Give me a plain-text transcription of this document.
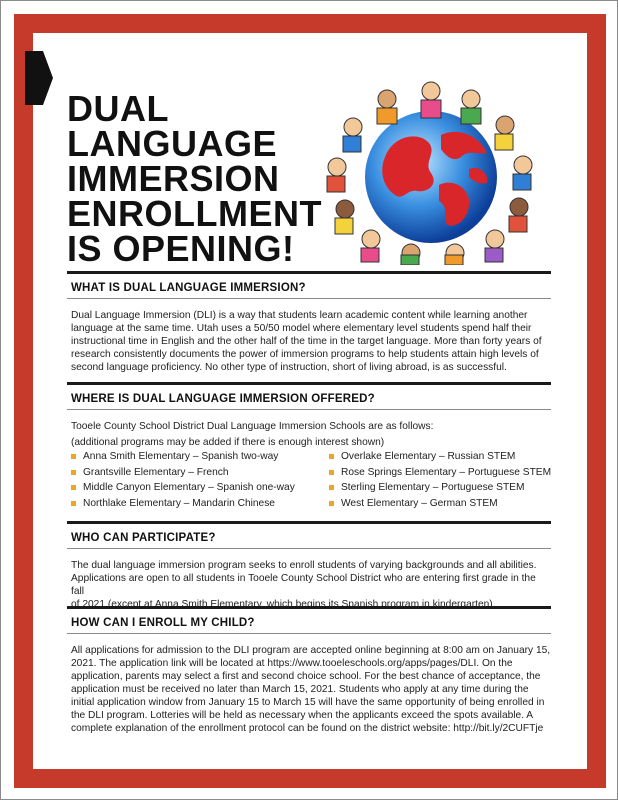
DUAL
LANGUAGE
IMMERSION
ENROLLMENT
IS OPENING!
WHAT IS DUAL LANGUAGE IMMERSION?
Dual Language Immersion (DLI) is a way that students learn academic content while learning another
language at the same time. Utah uses a 50/50 model where elementary level students spend half their
instructional time in English and the other half of the time in the target language. More than forty years of
research consistently documents the power of immersion programs to help students attain high levels of
second language proficiency. No other type of instruction, short of living abroad, is as successful.
WHERE IS DUAL LANGUAGE IMMERSION OFFERED?
Tooele County School District Dual Language Immersion Schools are as follows:
(additional programs may be added if there is enough interest shown)
Anna Smith Elementary – Spanish two-way
Grantsville Elementary – French
Middle Canyon Elementary – Spanish one-way
Northlake Elementary – Mandarin Chinese
Overlake Elementary – Russian STEM
Rose Springs Elementary – Portuguese STEM
Sterling Elementary – Portuguese STEM
West Elementary – German STEM
WHO CAN PARTICIPATE?
The dual language immersion program seeks to enroll students of varying backgrounds and all abilities.
Applications are open to all students in Tooele County School District who are entering first grade in the fall
of 2021 (except at Anna Smith Elementary, which begins its Spanish program in kindergarten).
HOW CAN I ENROLL MY CHILD?
All applications for admission to the DLI program are accepted online beginning at 8:00 am on January 15,
2021. The application link will be located at https://www.tooeleschools.org/apps/pages/DLI. On the
application, parents may select a first and second choice school. For the best chance of acceptance, the
application must be received no later than March 15, 2021. Students who apply at any time during the
initial application window from January 15 to March 15 will have the same opportunity of being enrolled in
the DLI program. Lotteries will be held as necessary when the applicants exceed the spots available. A
complete explanation of the enrollment protocol can be found on the district website: http://bit.ly/2CUFTje
